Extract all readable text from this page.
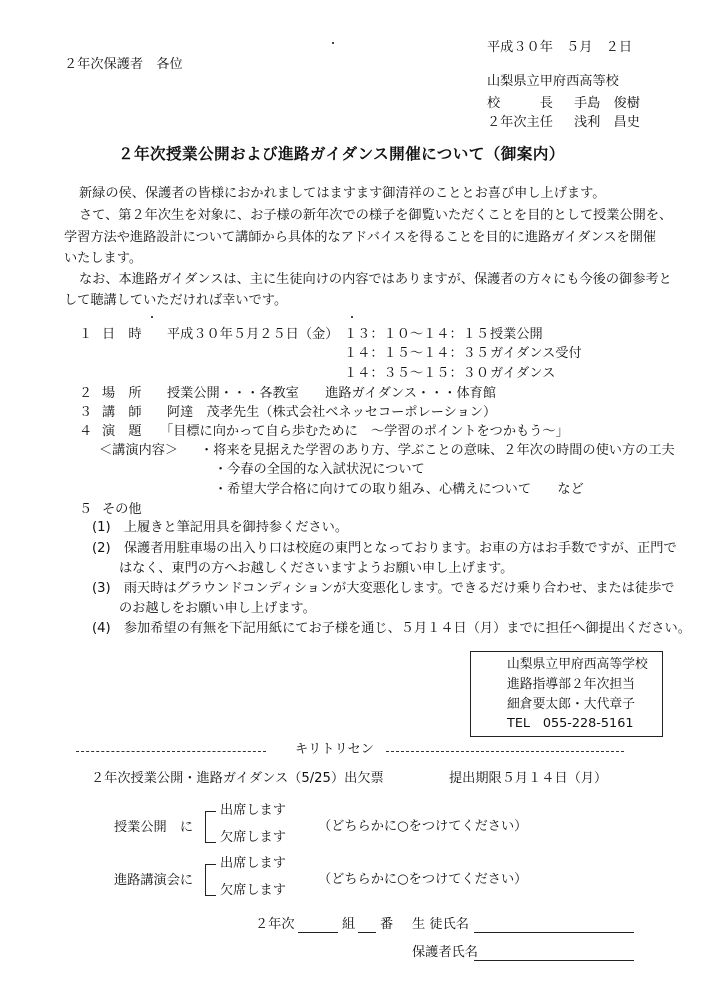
平成３０年　５月　２日
２年次保護者　各位
山梨県立甲府西高等校
校　　　長 手島　俊樹
２年次主任 浅利　昌史
２年次授業公開および進路ガイダンス開催について（御案内）
新緑の侯、保護者の皆様におかれましてはますます御清祥のこととお喜び申し上げます。
さて、第２年次生を対象に、お子様の新年次での様子を御覧いただくことを目的として授業公開を、
学習方法や進路設計について講師から具体的なアドバイスを得ることを目的に進路ガイダンスを開催
いたします。
なお、本進路ガイダンスは、主に生徒向けの内容ではありますが、保護者の方々にも今後の御参考と
して聴講していただければ幸いです。
１ 日　時 平成３０年５月２５日（金） １３：１０～１４：１５ 授業公開
１４：１５～１４：３５ ガイダンス受付
１４：３５～１５：３０ ガイダンス
２ 場　所 授業公開・・・各教室　　進路ガイダンス・・・体育館
３ 講　師 阿達　茂孝先生（株式会社ベネッセコーポレーション）
４ 演　題 「目標に向かって自ら歩むために　～学習のポイントをつかもう～」
＜講演内容＞ ・将来を見据えた学習のあり方、学ぶことの意味、２年次の時間の使い方の工夫
・今春の全国的な入試状況について
・希望大学合格に向けての取り組み、心構えについて　　など
５ その他
(1)　上履きと筆記用具を御持参ください。
(2)　保護者用駐車場の出入り口は校庭の東門となっております。お車の方はお手数ですが、正門で
はなく、東門の方へお越しくださいますようお願い申し上げます。
(3)　雨天時はグラウンドコンディションが大変悪化します。できるだけ乗り合わせ、または徒歩で
のお越しをお願い申し上げます。
(4)　参加希望の有無を下記用紙にてお子様を通じ、５月１４日（月）までに担任へ御提出ください。
山梨県立甲府西高等学校
進路指導部２年次担当
細倉要太郎・大代章子
TEL　055-228-5161
キリトリセン
２年次授業公開・進路ガイダンス（5/25）出欠票	提出期限５月１４日（月）
授業公開　に
出席します
欠席します
（どちらかに○をつけてください）
進路講演会に
出席します
欠席します
（どちらかに○をつけてください）
２年次	組 番 生 徒氏名
保護者氏名
